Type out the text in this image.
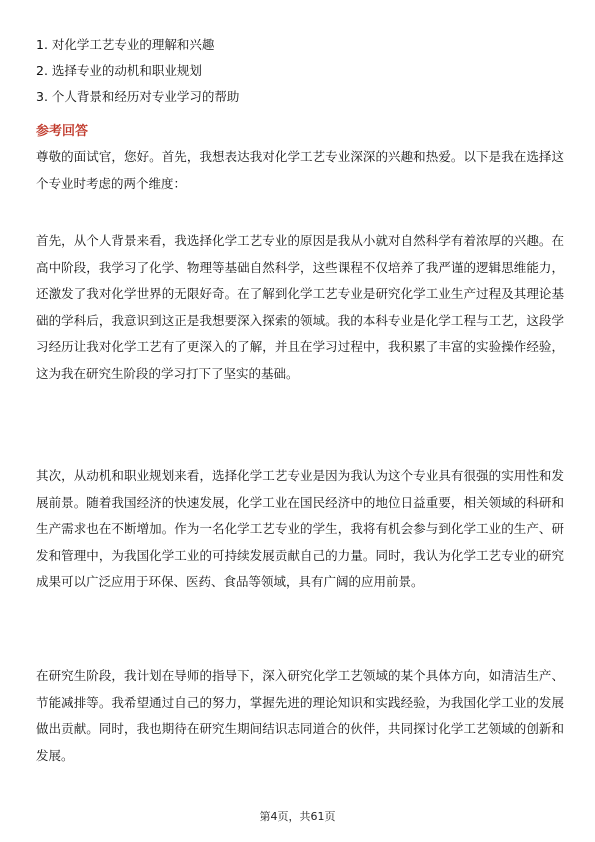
1. 对化学工艺专业的理解和兴趣
2. 选择专业的动机和职业规划
3. 个人背景和经历对专业学习的帮助
参考回答

尊敬的面试官，您好。首先，我想表达我对化学工艺专业深深的兴趣和热爱。以下是我在选择这个专业时考虑的两个维度：

首先，从个人背景来看，我选择化学工艺专业的原因是我从小就对自然科学有着浓厚的兴趣。在高中阶段，我学习了化学、物理等基础自然科学，这些课程不仅培养了我严谨的逻辑思维能力，还激发了我对化学世界的无限好奇。在了解到化学工艺专业是研究化学工业生产过程及其理论基础的学科后，我意识到这正是我想要深入探索的领域。我的本科专业是化学工程与工艺，这段学习经历让我对化学工艺有了更深入的了解，并且在学习过程中，我积累了丰富的实验操作经验，这为我在研究生阶段的学习打下了坚实的基础。

其次，从动机和职业规划来看，选择化学工艺专业是因为我认为这个专业具有很强的实用性和发展前景。随着我国经济的快速发展，化学工业在国民经济中的地位日益重要，相关领域的科研和生产需求也在不断增加。作为一名化学工艺专业的学生，我将有机会参与到化学工业的生产、研发和管理中，为我国化学工业的可持续发展贡献自己的力量。同时，我认为化学工艺专业的研究成果可以广泛应用于环保、医药、食品等领域，具有广阔的应用前景。

在研究生阶段，我计划在导师的指导下，深入研究化学工艺领域的某个具体方向，如清洁生产、节能减排等。我希望通过自己的努力，掌握先进的理论知识和实践经验，为我国化学工业的发展做出贡献。同时，我也期待在研究生期间结识志同道合的伙伴，共同探讨化学工艺领域的创新和发展。

第4页，共61页
